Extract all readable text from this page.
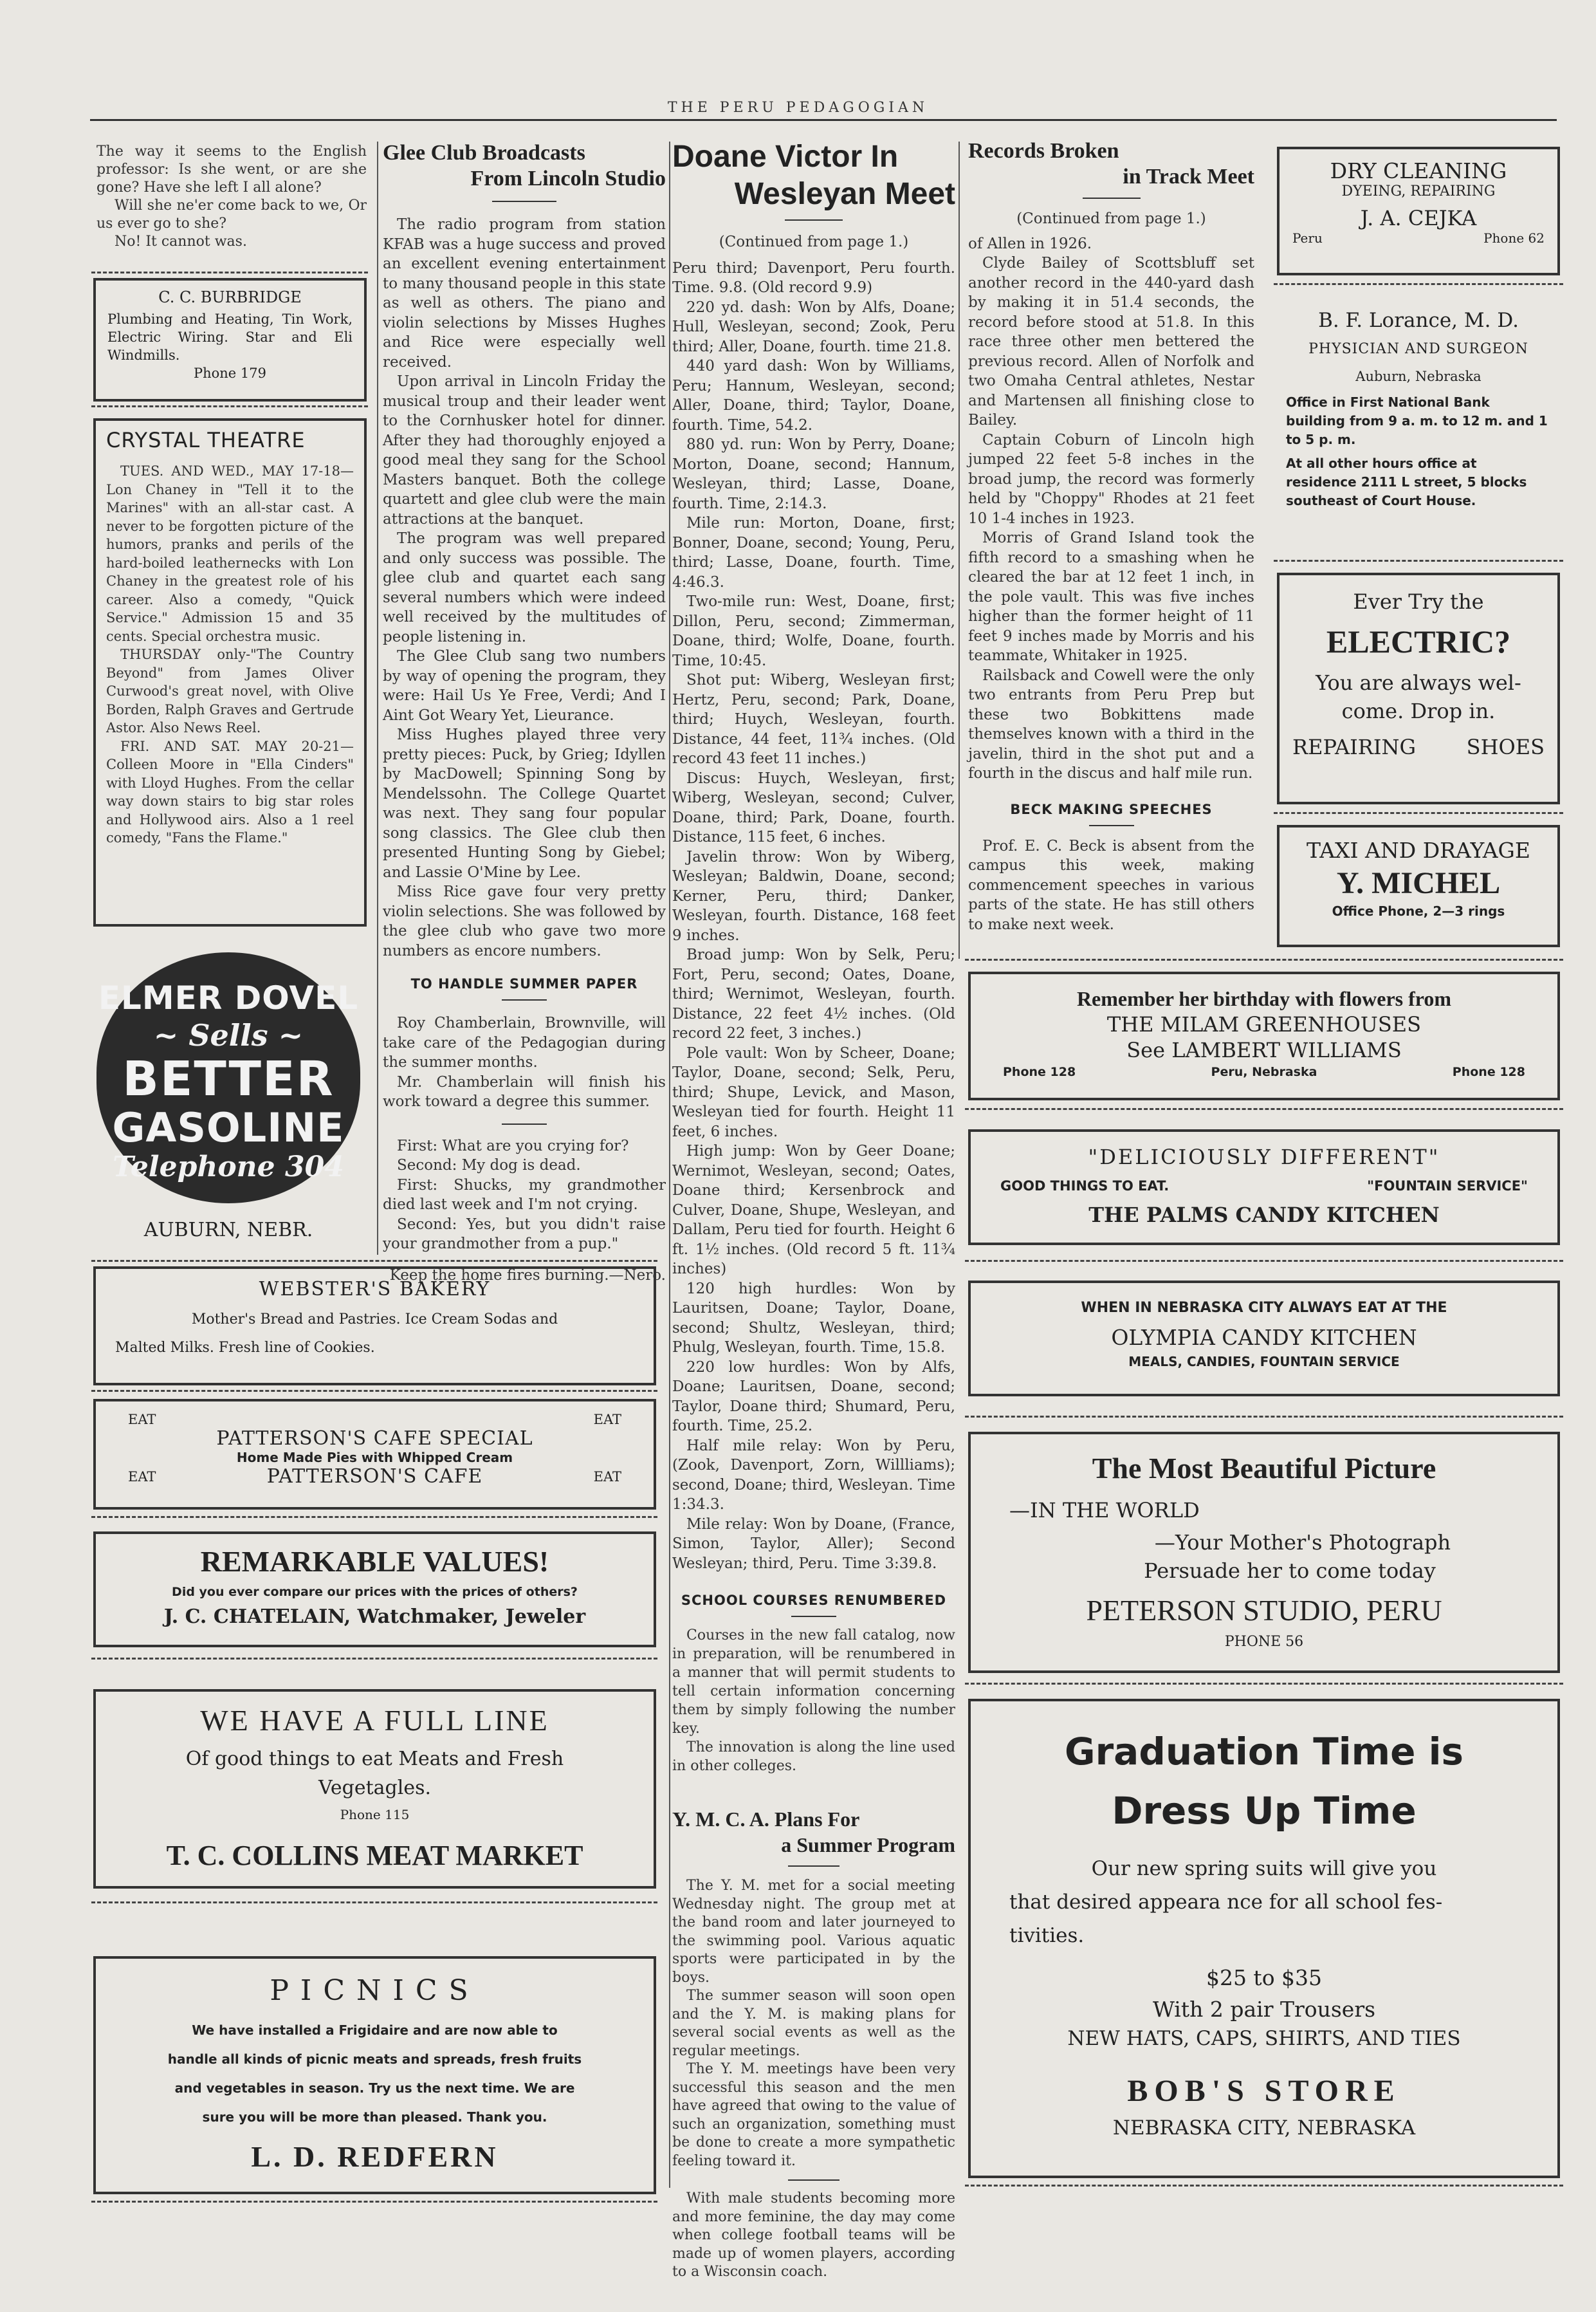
THE PERU PEDAGOGIAN

The way it seems to the English professor: Is she went, or are she gone? Have she left I all alone?

Will she ne'er come back to we, Or us ever go to she?

No! It cannot was.

C. C. BURBRIDGE
Plumbing and Heating, Tin Work, Electric Wiring. Star and Eli Windmills.
Phone 179
CRYSTAL THEATRE

TUES. AND WED., MAY 17-18—Lon Chaney in "Tell it to the Marines" with an all-star cast. A never to be forgotten picture of the humors, pranks and perils of the hard-boiled leathernecks with Lon Chaney in the greatest role of his career. Also a comedy, "Quick Service." Admission 15 and 35 cents. Special orchestra music.

THURSDAY only-"The Country Beyond" from James Oliver Curwood's great novel, with Olive Borden, Ralph Graves and Gertrude Astor. Also News Reel.

FRI. AND SAT. MAY 20-21—Colleen Moore in "Ella Cinders" with Lloyd Hughes. From the cellar way down stairs to big star roles and Hollywood airs. Also a 1 reel comedy, "Fans the Flame."

ELMER DOVEL
~ Sells ~
BETTER
GASOLINE
Telephone 304
AUBURN, NEBR.
Glee Club Broadcasts
From Lincoln Studio

The radio program from station KFAB was a huge success and proved an excellent evening entertainment to many thousand people in this state as well as others. The piano and violin selections by Misses Hughes and Rice were especially well received.

Upon arrival in Lincoln Friday the musical troup and their leader went to the Cornhusker hotel for dinner. After they had thoroughly enjoyed a good meal they sang for the School Masters banquet. Both the college quartett and glee club were the main attractions at the banquet.

The program was well prepared and only success was possible. The glee club and quartet each sang several numbers which were indeed well received by the multitudes of people listening in.

The Glee Club sang two numbers by way of opening the program, they were: Hail Us Ye Free, Verdi; And I Aint Got Weary Yet, Lieurance.

Miss Hughes played three very pretty pieces: Puck, by Grieg; Idyllen by MacDowell; Spinning Song by Mendelssohn. The College Quartet was next. They sang four popular song classics. The Glee club then presented Hunting Song by Giebel; and Lassie O'Mine by Lee.

Miss Rice gave four very pretty violin selections. She was followed by the glee club who gave two more numbers as encore numbers.

TO HANDLE SUMMER PAPER

Roy Chamberlain, Brownville, will take care of the Pedagogian during the summer months.

Mr. Chamberlain will finish his work toward a degree this summer.

First: What are you crying for?

Second: My dog is dead.

First: Shucks, my grandmother died last week and I'm not crying.

Second: Yes, but you didn't raise your grandmother from a pup."

Keep the home fires burning.—Nero.
WEBSTER'S BAKERY
Mother's Bread and Pastries. Ice Cream Sodas and
Malted Milks. Fresh line of Cookies.
EAT	EAT
PATTERSON'S CAFE SPECIAL
Home Made Pies with Whipped Cream
EAT	PATTERSON'S CAFE	EAT
REMARKABLE VALUES!
Did you ever compare our prices with the prices of others?
J. C. CHATELAIN, Watchmaker, Jeweler
WE HAVE A FULL LINE
Of good things to eat Meats and Fresh
Vegetagles.
Phone 115
T. C. COLLINS MEAT MARKET
PICNICS
We have installed a Frigidaire and are now able to
handle all kinds of picnic meats and spreads, fresh fruits
and vegetables in season. Try us the next time. We are
sure you will be more than pleased. Thank you.
L. D. REDFERN
Doane Victor In
Wesleyan Meet
(Continued from page 1.)

Peru third; Davenport, Peru fourth. Time. 9.8. (Old record 9.9)

220 yd. dash: Won by Alfs, Doane; Hull, Wesleyan, second; Zook, Peru third; Aller, Doane, fourth. time 21.8.

440 yard dash: Won by Williams, Peru; Hannum, Wesleyan, second; Aller, Doane, third; Taylor, Doane, fourth. Time, 54.2.

880 yd. run: Won by Perry, Doane; Morton, Doane, second; Hannum, Wesleyan, third; Lasse, Doane, fourth. Time, 2:14.3.

Mile run: Morton, Doane, first; Bonner, Doane, second; Young, Peru, third; Lasse, Doane, fourth. Time, 4:46.3.

Two-mile run: West, Doane, first; Dillon, Peru, second; Zimmerman, Doane, third; Wolfe, Doane, fourth. Time, 10:45.

Shot put: Wiberg, Wesleyan first; Hertz, Peru, second; Park, Doane, third; Huych, Wesleyan, fourth. Distance, 44 feet, 11¾ inches. (Old record 43 feet 11 inches.)

Discus: Huych, Wesleyan, first; Wiberg, Wesleyan, second; Culver, Doane, third; Park, Doane, fourth. Distance, 115 feet, 6 inches.

Javelin throw: Won by Wiberg, Wesleyan; Baldwin, Doane, second; Kerner, Peru, third; Danker, Wesleyan, fourth. Distance, 168 feet 9 inches.

Broad jump: Won by Selk, Peru; Fort, Peru, second; Oates, Doane, third; Wernimot, Wesleyan, fourth. Distance, 22 feet 4½ inches. (Old record 22 feet, 3 inches.)

Pole vault: Won by Scheer, Doane; Taylor, Doane, second; Selk, Peru, third; Shupe, Levick, and Mason, Wesleyan tied for fourth. Height 11 feet, 6 inches.

High jump: Won by Geer Doane; Wernimot, Wesleyan, second; Oates, Doane third; Kersenbrock and Culver, Doane, Shupe, Wesleyan, and Dallam, Peru tied for fourth. Height 6 ft. 1½ inches. (Old record 5 ft. 11¾ inches)

120 high hurdles: Won by Lauritsen, Doane; Taylor, Doane, second; Shultz, Wesleyan, third; Phulg, Wesleyan, fourth. Time, 15.8.

220 low hurdles: Won by Alfs, Doane; Lauritsen, Doane, second; Taylor, Doane third; Shumard, Peru, fourth. Time, 25.2.

Half mile relay: Won by Peru, (Zook, Davenport, Zorn, Willliams); second, Doane; third, Wesleyan. Time 1:34.3.

Mile relay: Won by Doane, (France, Simon, Taylor, Aller); Second Wesleyan; third, Peru. Time 3:39.8.

SCHOOL COURSES RENUMBERED

Courses in the new fall catalog, now in preparation, will be renumbered in a manner that will permit students to tell certain information concerning them by simply following the number key.

The innovation is along the line used in other colleges.

Y. M. C. A. Plans For
a Summer Program

The Y. M. met for a social meeting Wednesday night. The group met at the band room and later journeyed to the swimming pool. Various aquatic sports were participated in by the boys.

The summer season will soon open and the Y. M. is making plans for several social events as well as the regular meetings.

The Y. M. meetings have been very successful this season and the men have agreed that owing to the value of such an organization, something must be done to create a more sympathetic feeling toward it.

With male students becoming more and more feminine, the day may come when college football teams will be made up of women players, according to a Wisconsin coach.

Records Broken
in Track Meet
(Continued from page 1.)

of Allen in 1926.

Clyde Bailey of Scottsbluff set another record in the 440-yard dash by making it in 51.4 seconds, the record before stood at 51.8. In this race three other men bettered the previous record. Allen of Norfolk and two Omaha Central athletes, Nestar and Martensen all finishing close to Bailey.

Captain Coburn of Lincoln high jumped 22 feet 5-8 inches in the broad jump, the record was formerly held by "Choppy" Rhodes at 21 feet 10 1-4 inches in 1923.

Morris of Grand Island took the fifth record to a smashing when he cleared the bar at 12 feet 1 inch, in the pole vault. This was five inches higher than the former height of 11 feet 9 inches made by Morris and his teammate, Whitaker in 1925.

Railsback and Cowell were the only two entrants from Peru Prep but these two Bobkittens made themselves known with a third in the javelin, third in the shot put and a fourth in the discus and half mile run.

BECK MAKING SPEECHES

Prof. E. C. Beck is absent from the campus this week, making commencement speeches in various parts of the state. He has still others to make next week.

DRY CLEANING
DYEING, REPAIRING
J. A. CEJKA
Peru	Phone 62
B. F. Lorance, M. D.
PHYSICIAN AND SURGEON
Auburn, Nebraska
Office in First National Bank building from 9 a. m. to 12 m. and 1 to 5 p. m.
At all other hours office at residence 2111 L street, 5 blocks southeast of Court House.
Ever Try the
ELECTRIC?
You are always wel-
come. Drop in.
REPAIRING SHOES
TAXI AND DRAYAGE
Y. MICHEL
Office Phone, 2—3 rings
Remember her birthday with flowers from
THE MILAM GREENHOUSES
See LAMBERT WILLIAMS
Phone 128	Peru, Nebraska	Phone 128
"DELICIOUSLY DIFFERENT"
GOOD THINGS TO EAT.	"FOUNTAIN SERVICE"
THE PALMS CANDY KITCHEN
WHEN IN NEBRASKA CITY ALWAYS EAT AT THE
OLYMPIA CANDY KITCHEN
MEALS, CANDIES, FOUNTAIN SERVICE
The Most Beautiful Picture
—IN THE WORLD
—Your Mother's Photograph
Persuade her to come today
PETERSON STUDIO, PERU
PHONE 56
Graduation Time is
Dress Up Time
Our new spring suits will give you
that desired appeara nce for all school fes-
tivities.
$25 to $35
With 2 pair Trousers
NEW HATS, CAPS, SHIRTS, AND TIES
BOB'S STORE
NEBRASKA CITY, NEBRASKA
